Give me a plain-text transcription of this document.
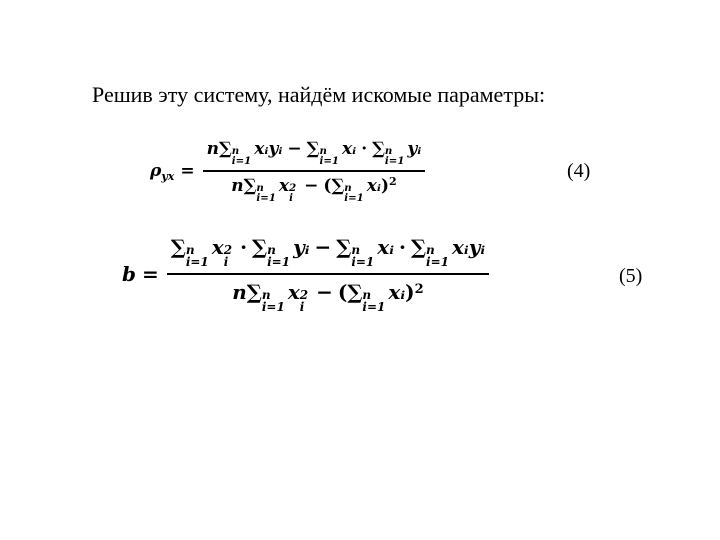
Решив эту систему, найдём искомые параметры:
ρ yx =
n ∑ n
i=1
xᵢyᵢ − ∑ n
i=1
xᵢ · ∑ n
i=1
yᵢ
n ∑ n
i=1
x 2
i
− ( ∑ n
i=1
xᵢ ) 2	(4)
b =
∑ n
i=1
x 2
i
· ∑ n
i=1
yᵢ − ∑ n
i=1
xᵢ · ∑ n
i=1
xᵢyᵢ
n ∑ n
i=1
x 2
i
− ( ∑ n
i=1
xᵢ ) 2
(5)
